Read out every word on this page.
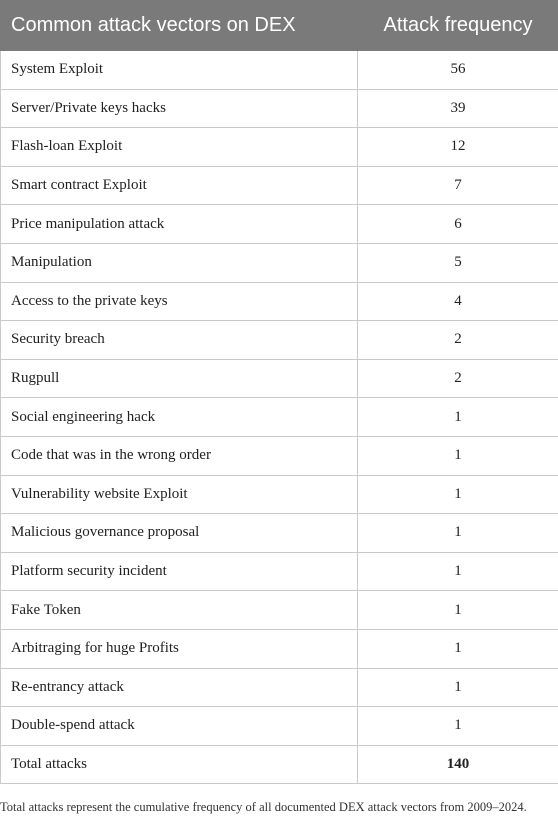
Common attack vectors on DEX	Attack frequency
System Exploit	56
Server/Private keys hacks	39
Flash-loan Exploit	12
Smart contract Exploit	7
Price manipulation attack	6
Manipulation	5
Access to the private keys	4
Security breach	2
Rugpull	2
Social engineering hack	1
Code that was in the wrong order	1
Vulnerability website Exploit	1
Malicious governance proposal	1
Platform security incident	1
Fake Token	1
Arbitraging for huge Profits	1
Re-entrancy attack	1
Double-spend attack	1
Total attacks	140

Total attacks represent the cumulative frequency of all documented DEX attack vectors from 2009–2024.
